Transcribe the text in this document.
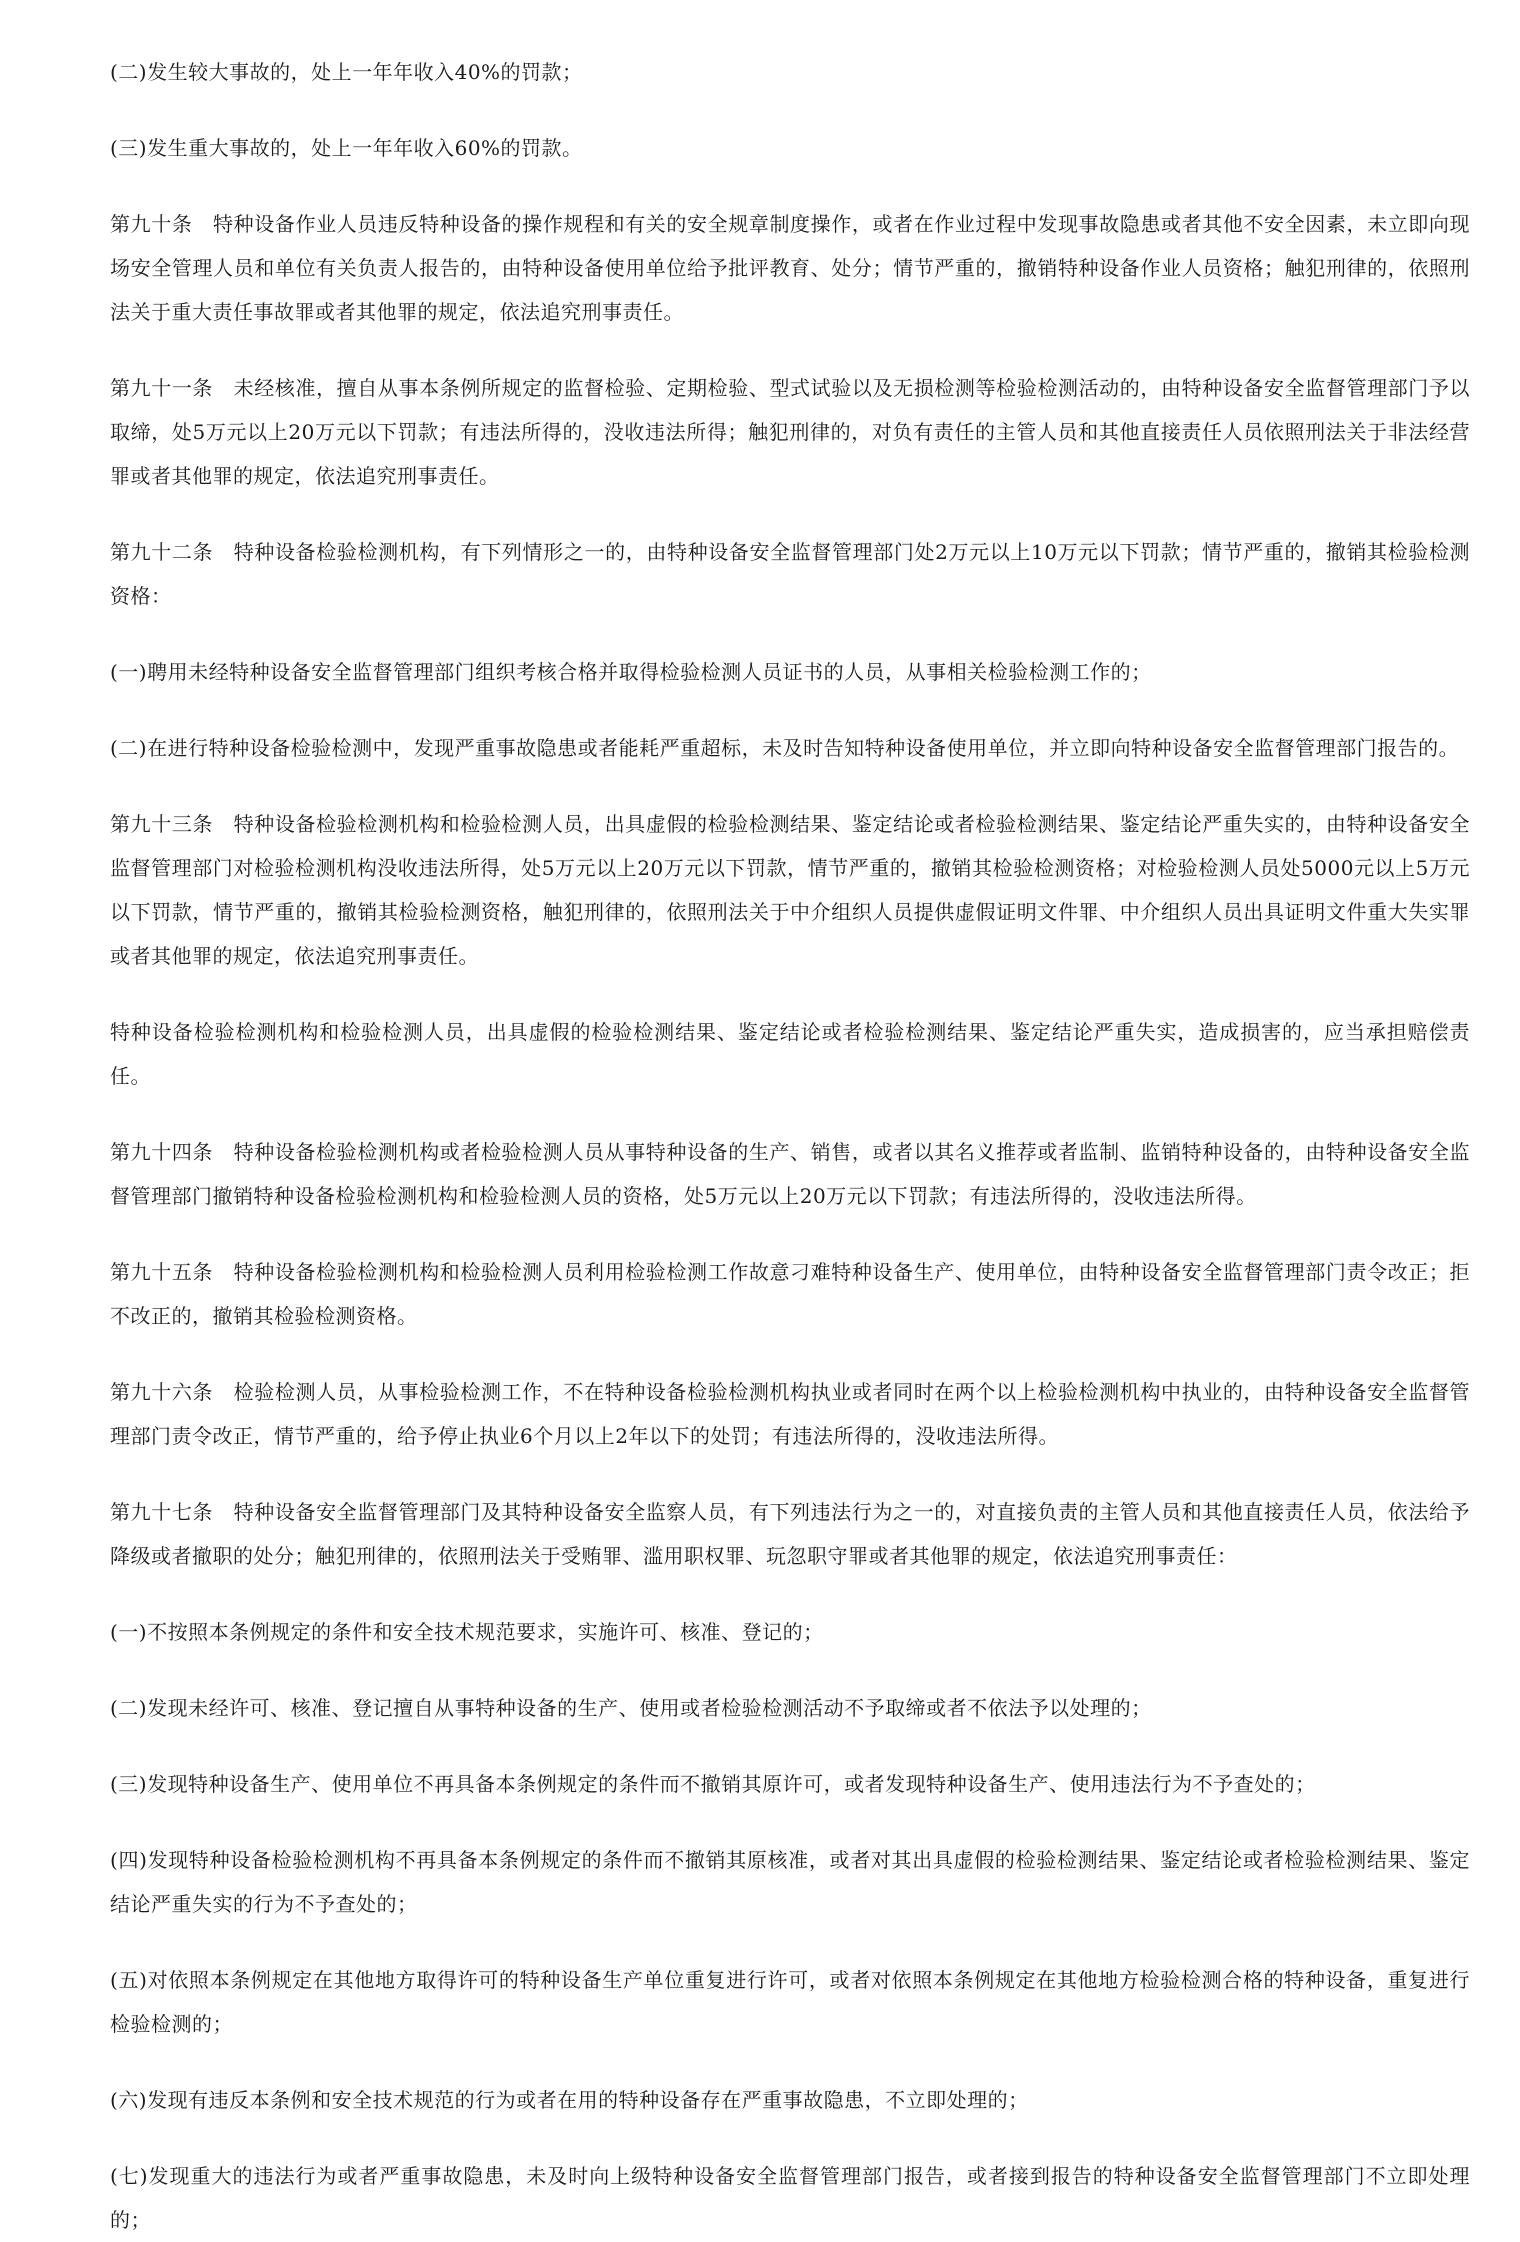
(二)发生较大事故的，处上一年年收入40%的罚款；

(三)发生重大事故的，处上一年年收入60%的罚款。

第九十条　特种设备作业人员违反特种设备的操作规程和有关的安全规章制度操作，或者在作业过程中发现事故隐患或者其他不安全因素，未立即向现场安全管理人员和单位有关负责人报告的，由特种设备使用单位给予批评教育、处分；情节严重的，撤销特种设备作业人员资格；触犯刑律的，依照刑法关于重大责任事故罪或者其他罪的规定，依法追究刑事责任。

第九十一条　未经核准，擅自从事本条例所规定的监督检验、定期检验、型式试验以及无损检测等检验检测活动的，由特种设备安全监督管理部门予以取缔，处5万元以上20万元以下罚款；有违法所得的，没收违法所得；触犯刑律的，对负有责任的主管人员和其他直接责任人员依照刑法关于非法经营罪或者其他罪的规定，依法追究刑事责任。

第九十二条　特种设备检验检测机构，有下列情形之一的，由特种设备安全监督管理部门处2万元以上10万元以下罚款；情节严重的，撤销其检验检测资格：

(一)聘用未经特种设备安全监督管理部门组织考核合格并取得检验检测人员证书的人员，从事相关检验检测工作的；

(二)在进行特种设备检验检测中，发现严重事故隐患或者能耗严重超标，未及时告知特种设备使用单位，并立即向特种设备安全监督管理部门报告的。

第九十三条　特种设备检验检测机构和检验检测人员，出具虚假的检验检测结果、鉴定结论或者检验检测结果、鉴定结论严重失实的，由特种设备安全监督管理部门对检验检测机构没收违法所得，处5万元以上20万元以下罚款，情节严重的，撤销其检验检测资格；对检验检测人员处5000元以上5万元以下罚款，情节严重的，撤销其检验检测资格，触犯刑律的，依照刑法关于中介组织人员提供虚假证明文件罪、中介组织人员出具证明文件重大失实罪或者其他罪的规定，依法追究刑事责任。

特种设备检验检测机构和检验检测人员，出具虚假的检验检测结果、鉴定结论或者检验检测结果、鉴定结论严重失实，造成损害的，应当承担赔偿责任。

第九十四条　特种设备检验检测机构或者检验检测人员从事特种设备的生产、销售，或者以其名义推荐或者监制、监销特种设备的，由特种设备安全监督管理部门撤销特种设备检验检测机构和检验检测人员的资格，处5万元以上20万元以下罚款；有违法所得的，没收违法所得。

第九十五条　特种设备检验检测机构和检验检测人员利用检验检测工作故意刁难特种设备生产、使用单位，由特种设备安全监督管理部门责令改正；拒不改正的，撤销其检验检测资格。

第九十六条　检验检测人员，从事检验检测工作，不在特种设备检验检测机构执业或者同时在两个以上检验检测机构中执业的，由特种设备安全监督管理部门责令改正，情节严重的，给予停止执业6个月以上2年以下的处罚；有违法所得的，没收违法所得。

第九十七条　特种设备安全监督管理部门及其特种设备安全监察人员，有下列违法行为之一的，对直接负责的主管人员和其他直接责任人员，依法给予降级或者撤职的处分；触犯刑律的，依照刑法关于受贿罪、滥用职权罪、玩忽职守罪或者其他罪的规定，依法追究刑事责任：

(一)不按照本条例规定的条件和安全技术规范要求，实施许可、核准、登记的；

(二)发现未经许可、核准、登记擅自从事特种设备的生产、使用或者检验检测活动不予取缔或者不依法予以处理的；

(三)发现特种设备生产、使用单位不再具备本条例规定的条件而不撤销其原许可，或者发现特种设备生产、使用违法行为不予查处的；

(四)发现特种设备检验检测机构不再具备本条例规定的条件而不撤销其原核准，或者对其出具虚假的检验检测结果、鉴定结论或者检验检测结果、鉴定结论严重失实的行为不予查处的；

(五)对依照本条例规定在其他地方取得许可的特种设备生产单位重复进行许可，或者对依照本条例规定在其他地方检验检测合格的特种设备，重复进行检验检测的；

(六)发现有违反本条例和安全技术规范的行为或者在用的特种设备存在严重事故隐患，不立即处理的；

(七)发现重大的违法行为或者严重事故隐患，未及时向上级特种设备安全监督管理部门报告，或者接到报告的特种设备安全监督管理部门不立即处理的；
